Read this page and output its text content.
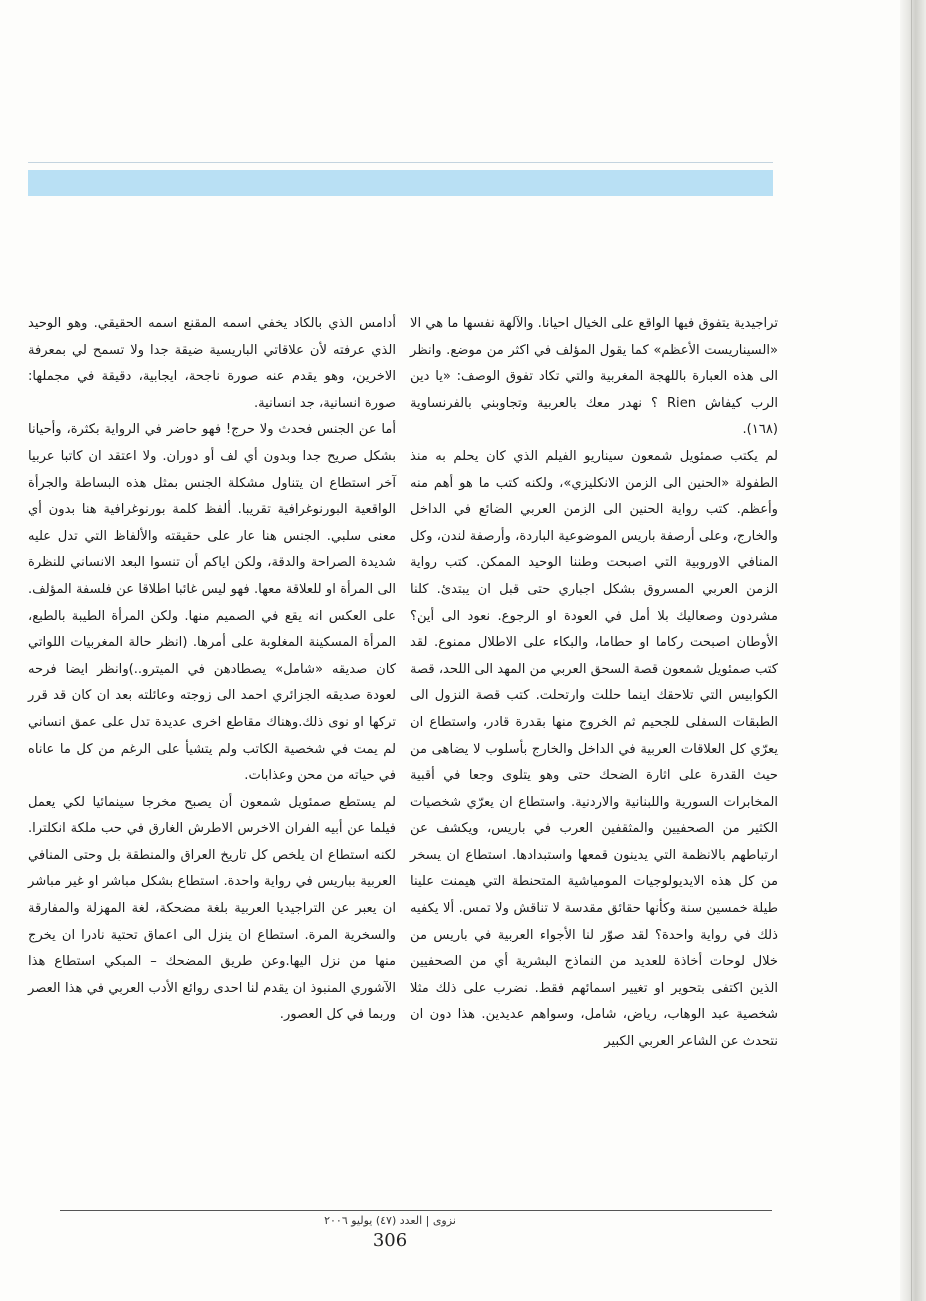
تراجيدية يتفوق فيها الواقع على الخيال احيانا. والآلهة نفسها ما هي الا «السيناريست الأعظم» كما يقول المؤلف في اكثر من موضع. وانظر الى هذه العبارة باللهجة المغربية والتي تكاد تفوق الوصف: «يا دين الرب كيفاش Rien ؟ نهدر معك بالعربية وتجاوبني بالفرنساوية (١٦٨).

لم يكتب صمئويل شمعون سيناريو الفيلم الذي كان يحلم به منذ الطفولة «الحنين الى الزمن الانكليزي»، ولكنه كتب ما هو أهم منه وأعظم. كتب رواية الحنين الى الزمن العربي الضائع في الداخل والخارج، وعلى أرصفة باريس الموضوعية الباردة، وأرصفة لندن، وكل المنافي الاوروبية التي اصبحت وطننا الوحيد الممكن. كتب رواية الزمن العربي المسروق بشكل اجباري حتى قبل ان يبتدئ. كلنا مشردون وصعاليك بلا أمل في العودة او الرجوع. نعود الى أين؟ الأوطان اصبحت ركاما او حطاما، والبكاء على الاطلال ممنوع. لقد كتب صمئويل شمعون قصة السحق العربي من المهد الى اللحد، قصة الكوابيس التي تلاحقك اينما حللت وارتحلت. كتب قصة النزول الى الطبقات السفلى للجحيم ثم الخروج منها بقدرة قادر، واستطاع ان يعرّي كل العلاقات العربية في الداخل والخارج بأسلوب لا يضاهى من حيث القدرة على اثارة الضحك حتى وهو يتلوى وجعا في أقبية المخابرات السورية واللبنانية والاردنية. واستطاع ان يعرّي شخصيات الكثير من الصحفيين والمثقفين العرب في باريس، ويكشف عن ارتباطهم بالانظمة التي يدينون قمعها واستبدادها. استطاع ان يسخر من كل هذه الايديولوجيات المومياشية المتحنطة التي هيمنت علينا طيلة خمسين سنة وكأنها حقائق مقدسة لا تناقش ولا تمس. ألا يكفيه ذلك في رواية واحدة؟ لقد صوّر لنا الأجواء العربية في باريس من خلال لوحات أخاذة للعديد من النماذج البشرية أي من الصحفيين الذين اكتفى بتحوير او تغيير اسمائهم فقط. نضرب على ذلك مثلا شخصية عبد الوهاب، رياض، شامل، وسواهم عديدين. هذا دون ان نتحدث عن الشاعر العربي الكبير

أدامس الذي بالكاد يخفي اسمه المقنع اسمه الحقيقي. وهو الوحيد الذي عرفته لأن علاقاتي الباريسية ضيقة جدا ولا تسمح لي بمعرفة الاخرين، وهو يقدم عنه صورة ناجحة، ايجابية، دقيقة في مجملها: صورة انسانية، جد انسانية.

أما عن الجنس فحدث ولا حرج! فهو حاضر في الرواية بكثرة، وأحيانا بشكل صريح جدا وبدون أي لف أو دوران. ولا اعتقد ان كاتبا عربيا آخر استطاع ان يتناول مشكلة الجنس بمثل هذه البساطة والجرأة الواقعية البورنوغرافية تقريبا. ألفظ كلمة بورنوغرافية هنا بدون أي معنى سلبي. الجنس هنا عار على حقيقته والألفاظ التي تدل عليه شديدة الصراحة والدقة، ولكن اياكم أن تنسوا البعد الانساني للنظرة الى المرأة او للعلاقة معها. فهو ليس غائبا اطلاقا عن فلسفة المؤلف. على العكس انه يقع في الصميم منها. ولكن المرأة الطيبة بالطبع، المرأة المسكينة المغلوبة على أمرها. (انظر حالة المغربيات اللواتي كان صديقه «شامل» يصطادهن في الميترو..)وانظر ايضا فرحه لعودة صديقه الجزائري احمد الى زوجته وعائلته بعد ان كان قد قرر تركها او نوى ذلك.وهناك مقاطع اخرى عديدة تدل على عمق انساني لم يمت في شخصية الكاتب ولم يتشيأ على الرغم من كل ما عاناه في حياته من محن وعذابات.

لم يستطع صمئويل شمعون أن يصبح مخرجا سينمائيا لكي يعمل فيلما عن أبيه الفران الاخرس الاطرش الغارق في حب ملكة انكلترا. لكنه استطاع ان يلخص كل تاريخ العراق والمنطقة بل وحتى المنافي العربية بباريس في رواية واحدة. استطاع بشكل مباشر او غير مباشر ان يعبر عن التراجيديا العربية بلغة مضحكة، لغة المهزلة والمفارقة والسخرية المرة. استطاع ان ينزل الى اعماق تحتية نادرا ان يخرج منها من نزل اليها.وعن طريق المضحك – المبكي استطاع هذا الآشوري المنبوذ ان يقدم لنا احدى روائع الأدب العربي في هذا العصر وربما في كل العصور.

نزوى | العدد (٤٧) يوليو ٢٠٠٦
306
